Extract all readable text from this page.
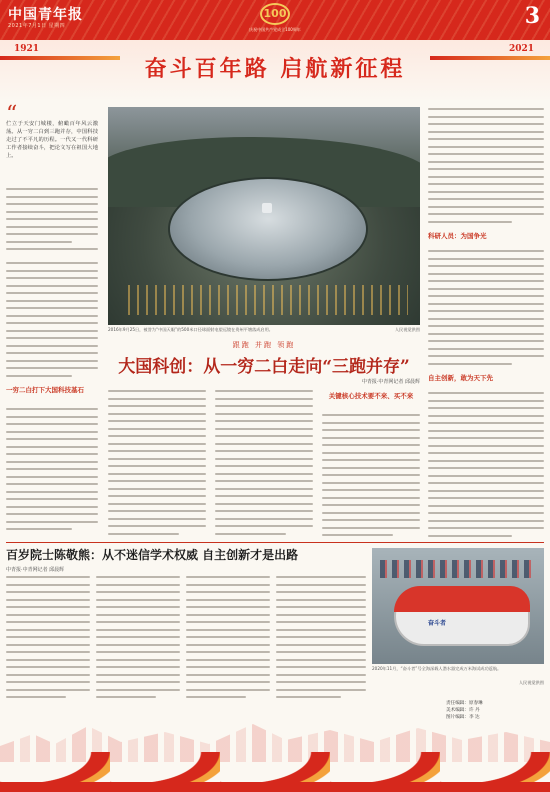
中国青年报
2021年7月1日 星期四
100
庆祝中国共产党成立100周年
3
1921	2021
奋斗百年路 启航新征程
“
伫立于天安门城楼，俯瞰百年风云激荡。从一穷二白到三跑并存，中国科技走过了不平凡的历程。一代又一代科研工作者接续奋斗，把论文写在祖国大地上。
一穷二白打下大国科技基石
2016年9月25日，被誉为“中国天眼”的500米口径球面射电望远镜在贵州平塘落成启用。	人民视觉供图
科研人员：为国争光
自主创新，敢为天下先
跟跑 并跑 领跑
大国科创：从一穷二白走向“三跑并存”
中青报·中青网记者 邱晨辉
关键核心技术要不来、买不来
百岁院士陈敬熊：从不迷信学术权威 自主创新才是出路
中青报·中青网记者 邱晨辉
奋斗者
2020年11月，“奋斗者”号全海深载人潜水器完成万米海试成功返航。
人民视觉供图
责任编辑：原春琳
美术编辑：许 丹
图片编辑：李 达
